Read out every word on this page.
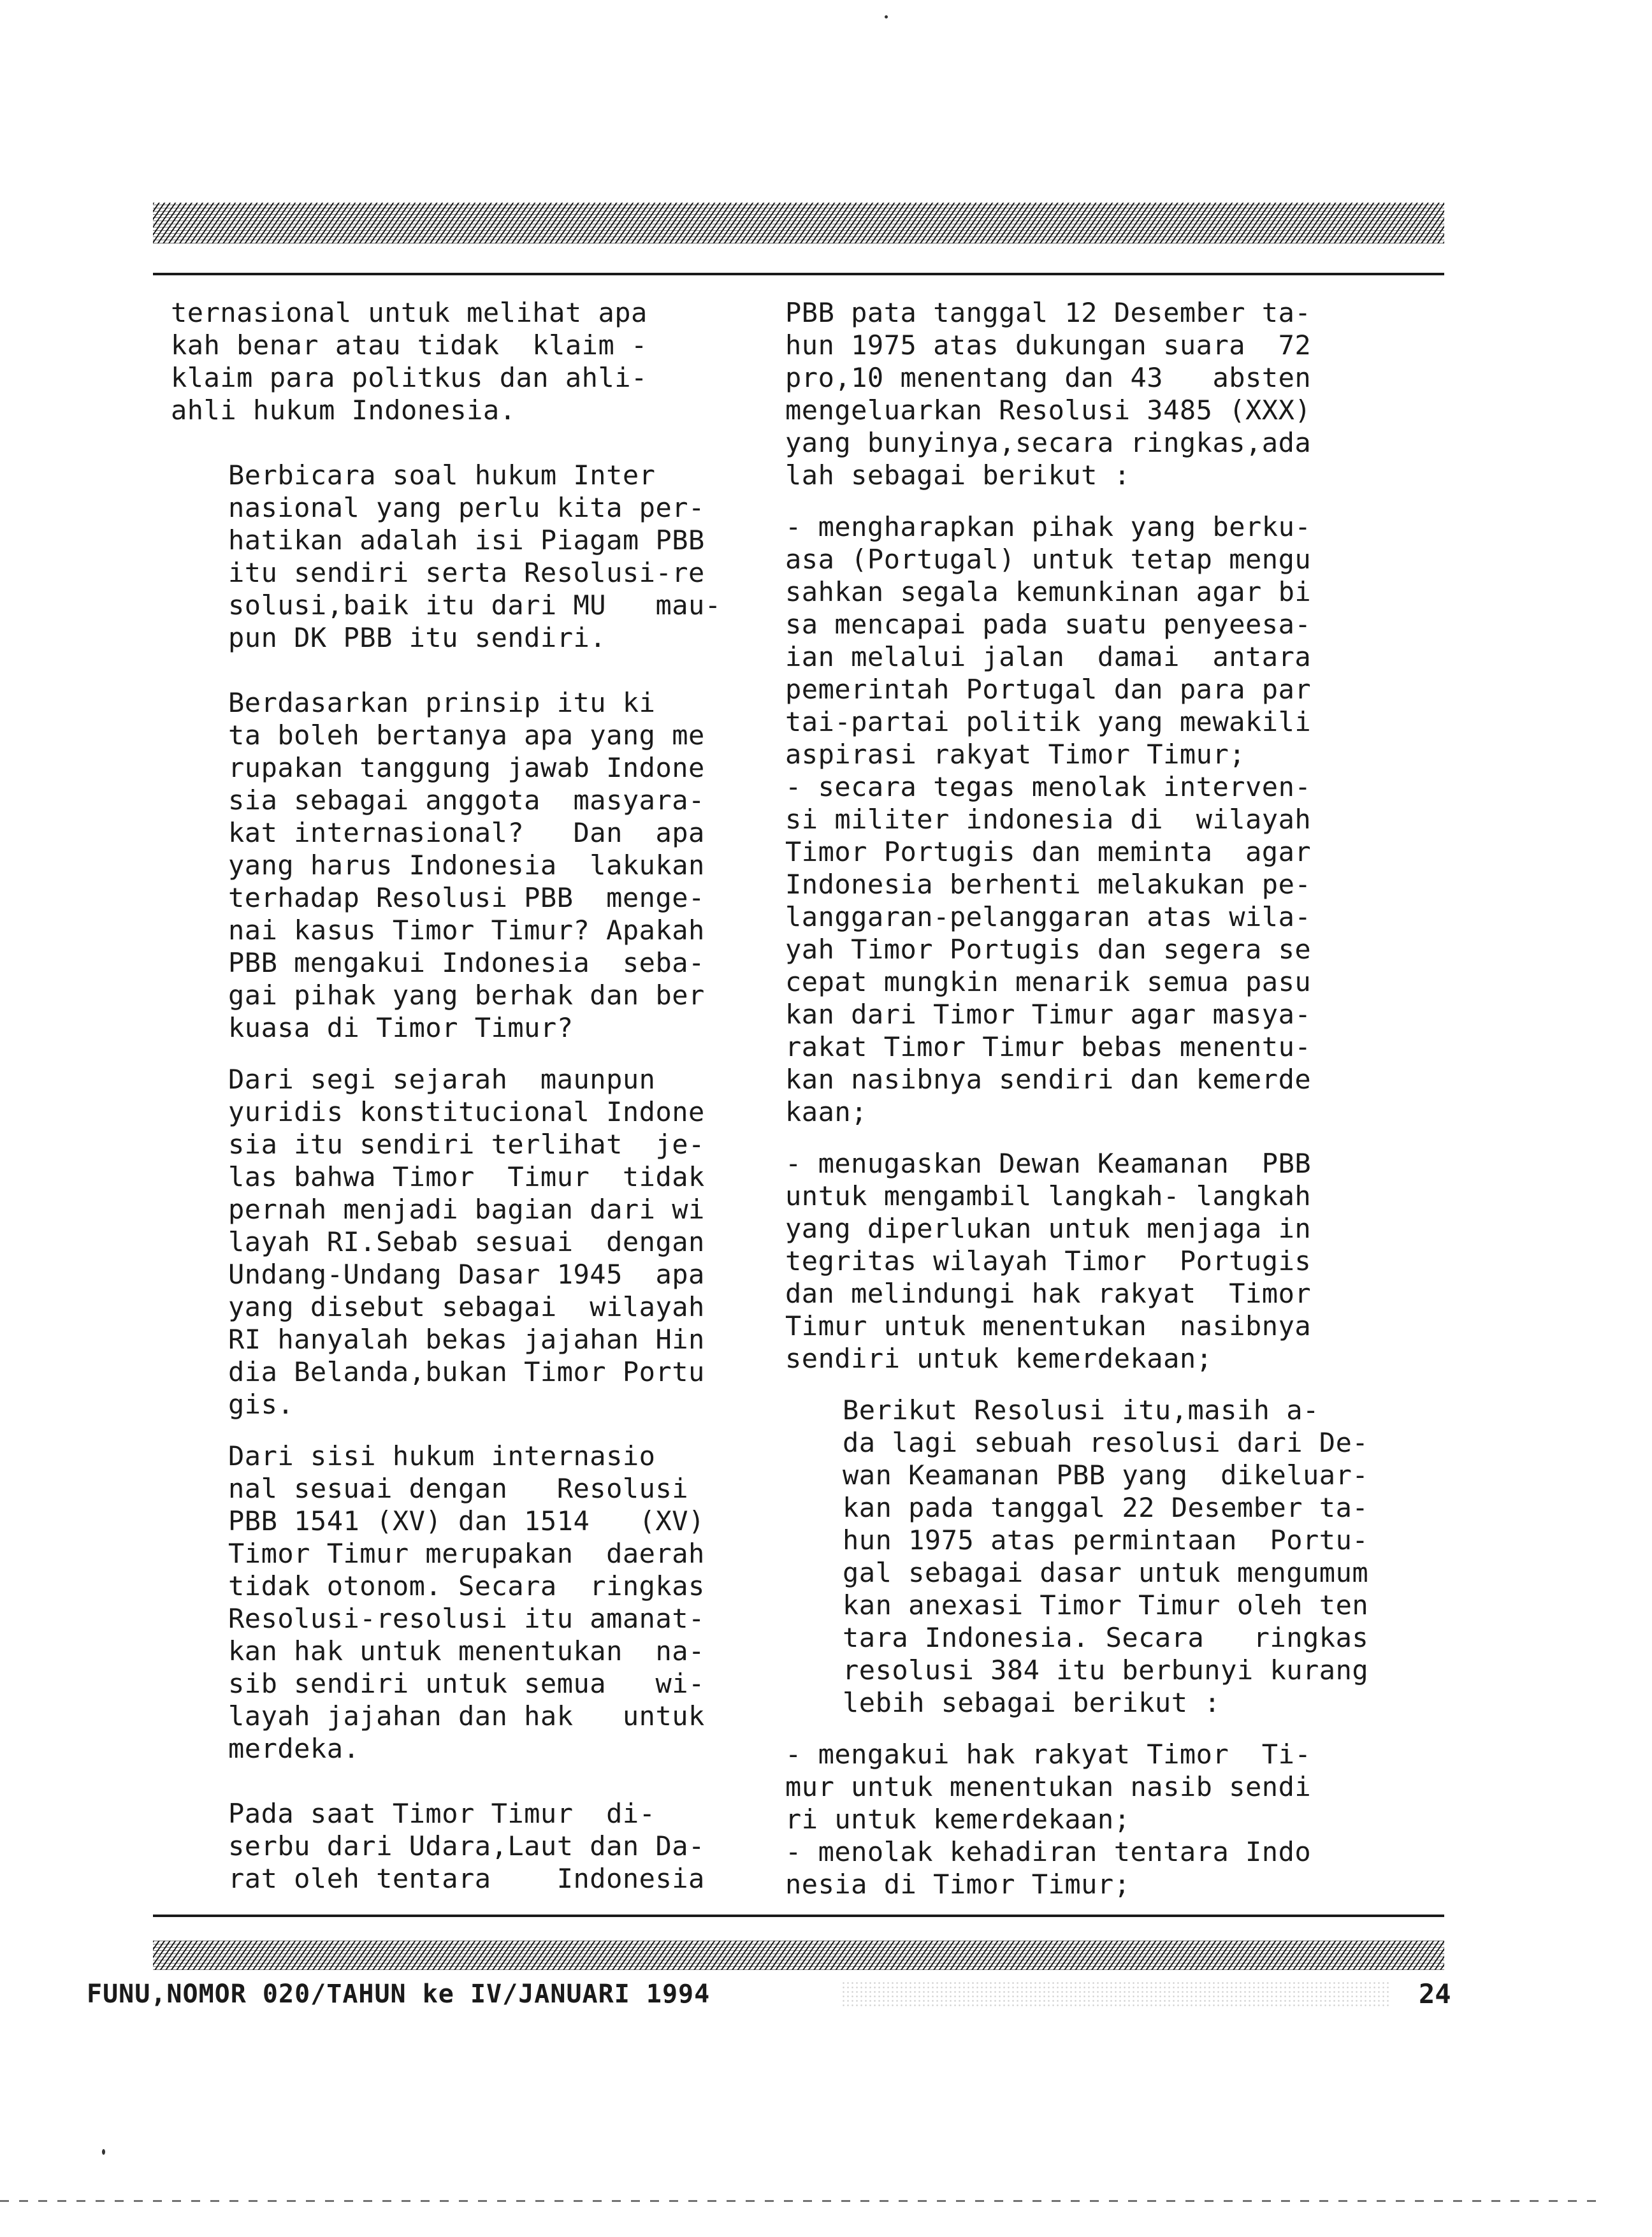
ternasional untuk melihat apa
kah benar atau tidak  klaim -
klaim para politkus dan ahli-
ahli hukum Indonesia.
Berbicara soal hukum Inter
nasional yang perlu kita per-
hatikan adalah isi Piagam PBB
itu sendiri serta Resolusi-re
solusi,baik itu dari MU   mau-
pun DK PBB itu sendiri.
Berdasarkan prinsip itu ki
ta boleh bertanya apa yang me
rupakan tanggung jawab Indone
sia sebagai anggota  masyara-
kat internasional?   Dan  apa
yang harus Indonesia  lakukan
terhadap Resolusi PBB  menge-
nai kasus Timor Timur? Apakah
PBB mengakui Indonesia  seba-
gai pihak yang berhak dan ber
kuasa di Timor Timur?
Dari segi sejarah  maunpun
yuridis konstitucional Indone
sia itu sendiri terlihat  je-
las bahwa Timor  Timur  tidak
pernah menjadi bagian dari wi
layah RI.Sebab sesuai  dengan
Undang-Undang Dasar 1945  apa
yang disebut sebagai  wilayah
RI hanyalah bekas jajahan Hin
dia Belanda,bukan Timor Portu
gis.
Dari sisi hukum internasio
nal sesuai dengan   Resolusi
PBB 1541 (XV) dan 1514   (XV)
Timor Timur merupakan  daerah
tidak otonom. Secara  ringkas
Resolusi-resolusi itu amanat-
kan hak untuk menentukan  na-
sib sendiri untuk semua   wi-
layah jajahan dan hak   untuk
merdeka.
Pada saat Timor Timur  di-
serbu dari Udara,Laut dan Da-
rat oleh tentara    Indonesia
PBB pata tanggal 12 Desember ta-
hun 1975 atas dukungan suara  72
pro,10 menentang dan 43   absten
mengeluarkan Resolusi 3485 (XXX)
yang bunyinya,secara ringkas,ada
lah sebagai berikut :
- mengharapkan pihak yang berku-
asa (Portugal) untuk tetap mengu
sahkan segala kemunkinan agar bi
sa mencapai pada suatu penyeesa-
ian melalui jalan  damai  antara
pemerintah Portugal dan para par
tai-partai politik yang mewakili
aspirasi rakyat Timor Timur;
- secara tegas menolak interven-
si militer indonesia di  wilayah
Timor Portugis dan meminta  agar
Indonesia berhenti melakukan pe-
langgaran-pelanggaran atas wila-
yah Timor Portugis dan segera se
cepat mungkin menarik semua pasu
kan dari Timor Timur agar masya-
rakat Timor Timur bebas menentu-
kan nasibnya sendiri dan kemerde
kaan;
- menugaskan Dewan Keamanan  PBB
untuk mengambil langkah- langkah
yang diperlukan untuk menjaga in
tegritas wilayah Timor  Portugis
dan melindungi hak rakyat  Timor
Timur untuk menentukan  nasibnya
sendiri untuk kemerdekaan;
Berikut Resolusi itu,masih a-
da lagi sebuah resolusi dari De-
wan Keamanan PBB yang  dikeluar-
kan pada tanggal 22 Desember ta-
hun 1975 atas permintaan  Portu-
gal sebagai dasar untuk mengumum
kan anexasi Timor Timur oleh ten
tara Indonesia. Secara   ringkas
resolusi 384 itu berbunyi kurang
lebih sebagai berikut :
- mengakui hak rakyat Timor  Ti-
mur untuk menentukan nasib sendi
ri untuk kemerdekaan;
- menolak kehadiran tentara Indo
nesia di Timor Timur;
FUNU,NOMOR 020/TAHUN ke IV/JANUARI 1994	24
